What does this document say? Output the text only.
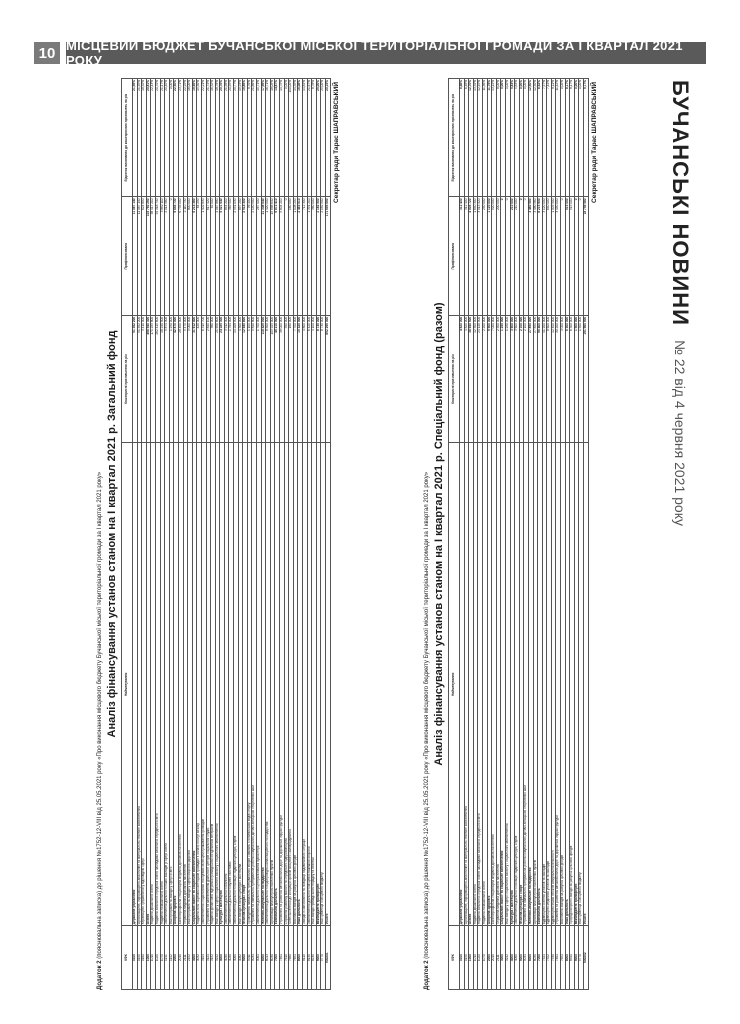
10 МІСЦЕВИЙ БЮДЖЕТ БУЧАНСЬКОЇ МІСЬКОЇ ТЕРИТОРІАЛЬНОЇ ГРОМАДИ ЗА І КВАРТАЛ 2021 РОКУ
БУЧАНСЬКІ НОВИНИ
№ 22 від 4 червня 2021 року
Додаток 2 (пояснювальна записка) до рішення №1752-12-VIII від 25.05.2021 року «Про виконання місцевого бюджету Бучанської міської територіальної громади за І квартал 2021 року» Аналіз фінансування установ станом на І квартал 2021 р. Загальний фонд
КФК	Найменування	Кошторисні призначення на рік	Профінансовано	Відсоток виконання до кошторисних призначень на рік
0100	Державне управління	51 352 200	11 087 140	21,59%
0150	Організаційне, інформаційно-аналітичне та матеріально-технічне забезпечення	51 352 200	11 087 140	21,59%
0160	Керівництво і управління у відповідній сфері	3 410 000	624 850	18,32%
1000	Освіта	498 540 300	103 760 290	20,81%
1010	Надання дошкільної освіти	171 295 800	38 417 210	22,43%
1020	Надання загальної середньої освіти закладами загальної середньої освіти	262 415 600	54 318 740	20,70%
1070	Надання позашкільної освіти	18 240 500	3 862 110	21,17%
1141	Забезпечення діяльності інших закладів у сфері освіти	9 874 300	2 014 560	20,40%
1142	Інші програми та заходи у сфері освіти	1 250 000	0	0,00%
2000	Охорона здоров'я	42 870 000	9 645 730	22,50%
2010	Багатопрофільна стаціонарна медична допомога населенню	28 400 000	6 735 000	23,71%
2111	Первинна медична допомога населенню	9 470 000	2 110 730	22,29%
2152	Інші програми та заходи у сфері охорони здоров'я	5 000 000	800 000	16,00%
3000	Соціальний захист та соціальне забезпечення	31 612 400	6 214 380	19,66%
3032	Надання пільг окремим категоріям громадян з оплати послуг зв'язку	420 000	64 250	15,30%
3104	Забезпечення соціальними послугами за місцем проживання громадян	6 315 700	1 402 830	22,21%
3121	Утримання та забезпечення діяльності центрів соціальних служб	2 840 100	617 420	21,74%
3192	Надання фінансової підтримки громадським об'єднанням ветеранів	380 000	62 000	16,32%
3242	Інші заходи у сфері соціального захисту і соціального забезпечення	21 656 600	4 067 880	18,78%
4000	Культура і мистецтво	24 185 300	5 021 940	20,76%
4030	Забезпечення діяльності бібліотек	3 912 400	844 210	21,58%
4040	Забезпечення діяльності музеїв і виставок	1 764 000	369 500	20,95%
4060	Забезпечення діяльності палаців і будинків культури, клубів	14 208 900	2 951 030	20,77%
4082	Інші заходи в галузі культури і мистецтва	4 300 000	857 200	19,93%
5000	Фізична культура і спорт	12 640 800	2 514 300	19,89%
5011	Проведення навчально-тренувальних зборів і змагань з олімпійських видів спорту	1 100 000	96 400	8,76%
5031	Утримання та навчально-тренувальна робота комунальних дитячо-юнацьких спортивних шкіл	9 840 800	2 150 900	21,86%
5061	Забезпечення діяльності централізованої бухгалтерії	1 700 000	267 000	15,71%
6000	Житлово-комунальне господарство	118 425 000	21 308 640	17,99%
6013	Забезпечення діяльності водопровідно-каналізаційного господарства	8 500 000	1 420 000	16,71%
6030	Організація благоустрою населених пунктів	109 925 000	19 888 640	18,09%
7000	Економічна діяльність	46 210 000	6 872 410	14,87%
7461	Утримання та розвиток автомобільних доріг та дорожньої інфраструктури	38 000 000	5 604 210	14,75%
7610	Сприяння розвитку малого та середнього підприємництва	350 000	0	0,00%
7680	Членські внески до асоціацій органів місцевого самоврядування	160 000	160 000	100,00%
7691	Виконання заходів за рахунок цільових фондів	7 700 000	1 108 200	14,39%
8000	Інша діяльність	15 320 000	2 463 510	16,08%
8110	Заходи із запобігання та ліквідації надзвичайних ситуацій	4 800 000	712 300	14,84%
8130	Забезпечення діяльності місцевої пожежної охорони	6 420 000	1 391 210	21,67%
8230	Інші заходи громадського порядку та безпеки	4 100 000	360 000	8,78%
9000	Міжбюджетні трансферти	8 730 000	2 182 500	25,00%
9770	Інші субвенції з місцевого бюджету	8 730 000	2 182 500	25,00%
900201	Усього	852 296 000	171 695 690	20,15% Секретар ради Тарас ШАПРАВСЬКИЙ
Додаток 2 (пояснювальна записка) до рішення №1752-12-VIII від 25.05.2021 року «Про виконання місцевого бюджету Бучанської міської територіальної громади за І квартал 2021 року» Аналіз фінансування установ станом на І квартал 2021 р. Спеціальний фонд (разом)
КФК	Найменування	Кошторисні призначення на рік	Профінансовано	Відсоток виконання до кошторисних призначень на рік
0100	Державне управління	4 820 000	312 400	6,48%
0150	Організаційне, інформаційно-аналітичне та матеріально-технічне забезпечення	4 820 000	312 400	6,48%
1000	Освіта	38 640 500	4 905 720	12,70%
1010	Надання дошкільної освіти	12 300 000	1 640 300	13,34%
1020	Надання загальної середньої освіти закладами загальної середньої освіти	24 140 500	3 015 420	12,49%
1070	Надання позашкільної освіти	2 200 000	250 000	11,36%
2000	Охорона здоров'я	9 500 000	1 120 000	11,79%
2010	Багатопрофільна стаціонарна медична допомога населенню	7 000 000	920 000	13,14%
2111	Первинна медична допомога населенню	2 500 000	200 000	8,00%
3000	Соціальний захист та соціальне забезпечення	1 250 000	0	0,00%
3242	Інші заходи у сфері соціального захисту і соціального забезпечення	1 250 000	0	0,00%
4000	Культура і мистецтво	3 600 000	210 000	5,83%
4060	Забезпечення діяльності палаців і будинків культури, клубів	3 600 000	210 000	5,83%
5000	Фізична культура і спорт	2 100 000	0	0,00%
5031	Утримання та навчально-тренувальна робота комунальних дитячо-юнацьких спортивних шкіл	2 100 000	0	0,00%
6000	Житлово-комунальне господарство	27 850 000	3 480 560	12,50%
6030	Організація благоустрою населених пунктів	27 850 000	3 480 560	12,50%
7000	Економічна діяльність	96 400 000	8 215 900	8,52%
7321	Будівництво освітніх установ та закладів	41 200 000	3 120 000	7,57%
7322	Будівництво медичних установ та закладів	8 600 000	640 000	7,44%
7330	Будівництво інших об'єктів комунальної власності	12 400 000	1 005 900	8,11%
7461	Утримання та розвиток автомобільних доріг та дорожньої інфраструктури	30 200 000	3 450 000	11,42%
7691	Виконання заходів за рахунок цільових фондів	4 000 000	0	0,00%
8000	Інша діяльність	6 300 000	515 000	8,17%
8340	Природоохоронні заходи за рахунок цільових фондів	6 300 000	515 000	8,17%
9000	Міжбюджетні трансферти	1 500 000	0	0,00%
9770	Інші субвенції з місцевого бюджету	1 500 000	0	0,00%
900202	Усього	191 960 500	18 759 580	9,77% Секретар ради Тарас ШАПРАВСЬКИЙ
